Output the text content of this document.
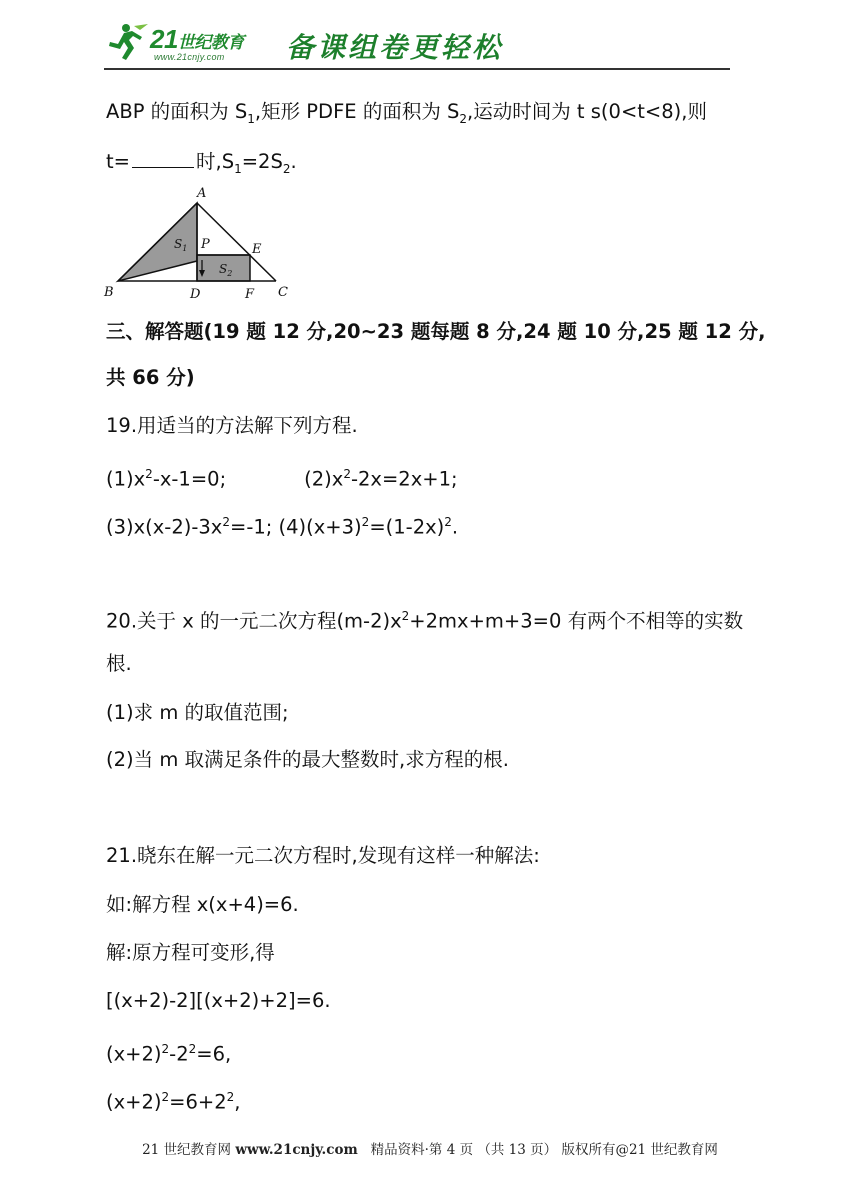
21世纪教育
www.21cnjy.com 备课组卷更轻松
ABP 的面积为 $S_1$,矩形 PDFE 的面积为 $S_2$,运动时间为 t s(0<t<8),则
t=	时$,S_1=2S_2$.
A
B	C
D
E
F
P
$S_1$
$S_2$
三、解答题(19 题 12 分,20~23 题每题 8 分,24 题 10 分,25 题 12 分,
共 66 分)
19.用适当的方法解下列方程.
$(1)x^2-x-1=0$;	$(2)x^2-2x=2x+1$;
$(3)x(x-2)-3x^2=-1$; $(4)(x+3)^2=(1-2x)^2$.
20.关于 x 的一元二次方程$(m-2)x^2+2mx+m+3=0$ 有两个不相等的实数
根.
(1)求 m 的取值范围;
(2)当 m 取满足条件的最大整数时,求方程的根.
21.晓东在解一元二次方程时,发现有这样一种解法:
如:解方程 x(x+4)=6.
解:原方程可变形,得
[(x+2)-2][(x+2)+2]=6.
$(x+2)^2-2^2=6$,
$(x+2)^2=6+2^2$,
21 世纪教育网 www.21cnjy.com 精品资料·第 4 页 （共 13 页） 版权所有@21 世纪教育网
